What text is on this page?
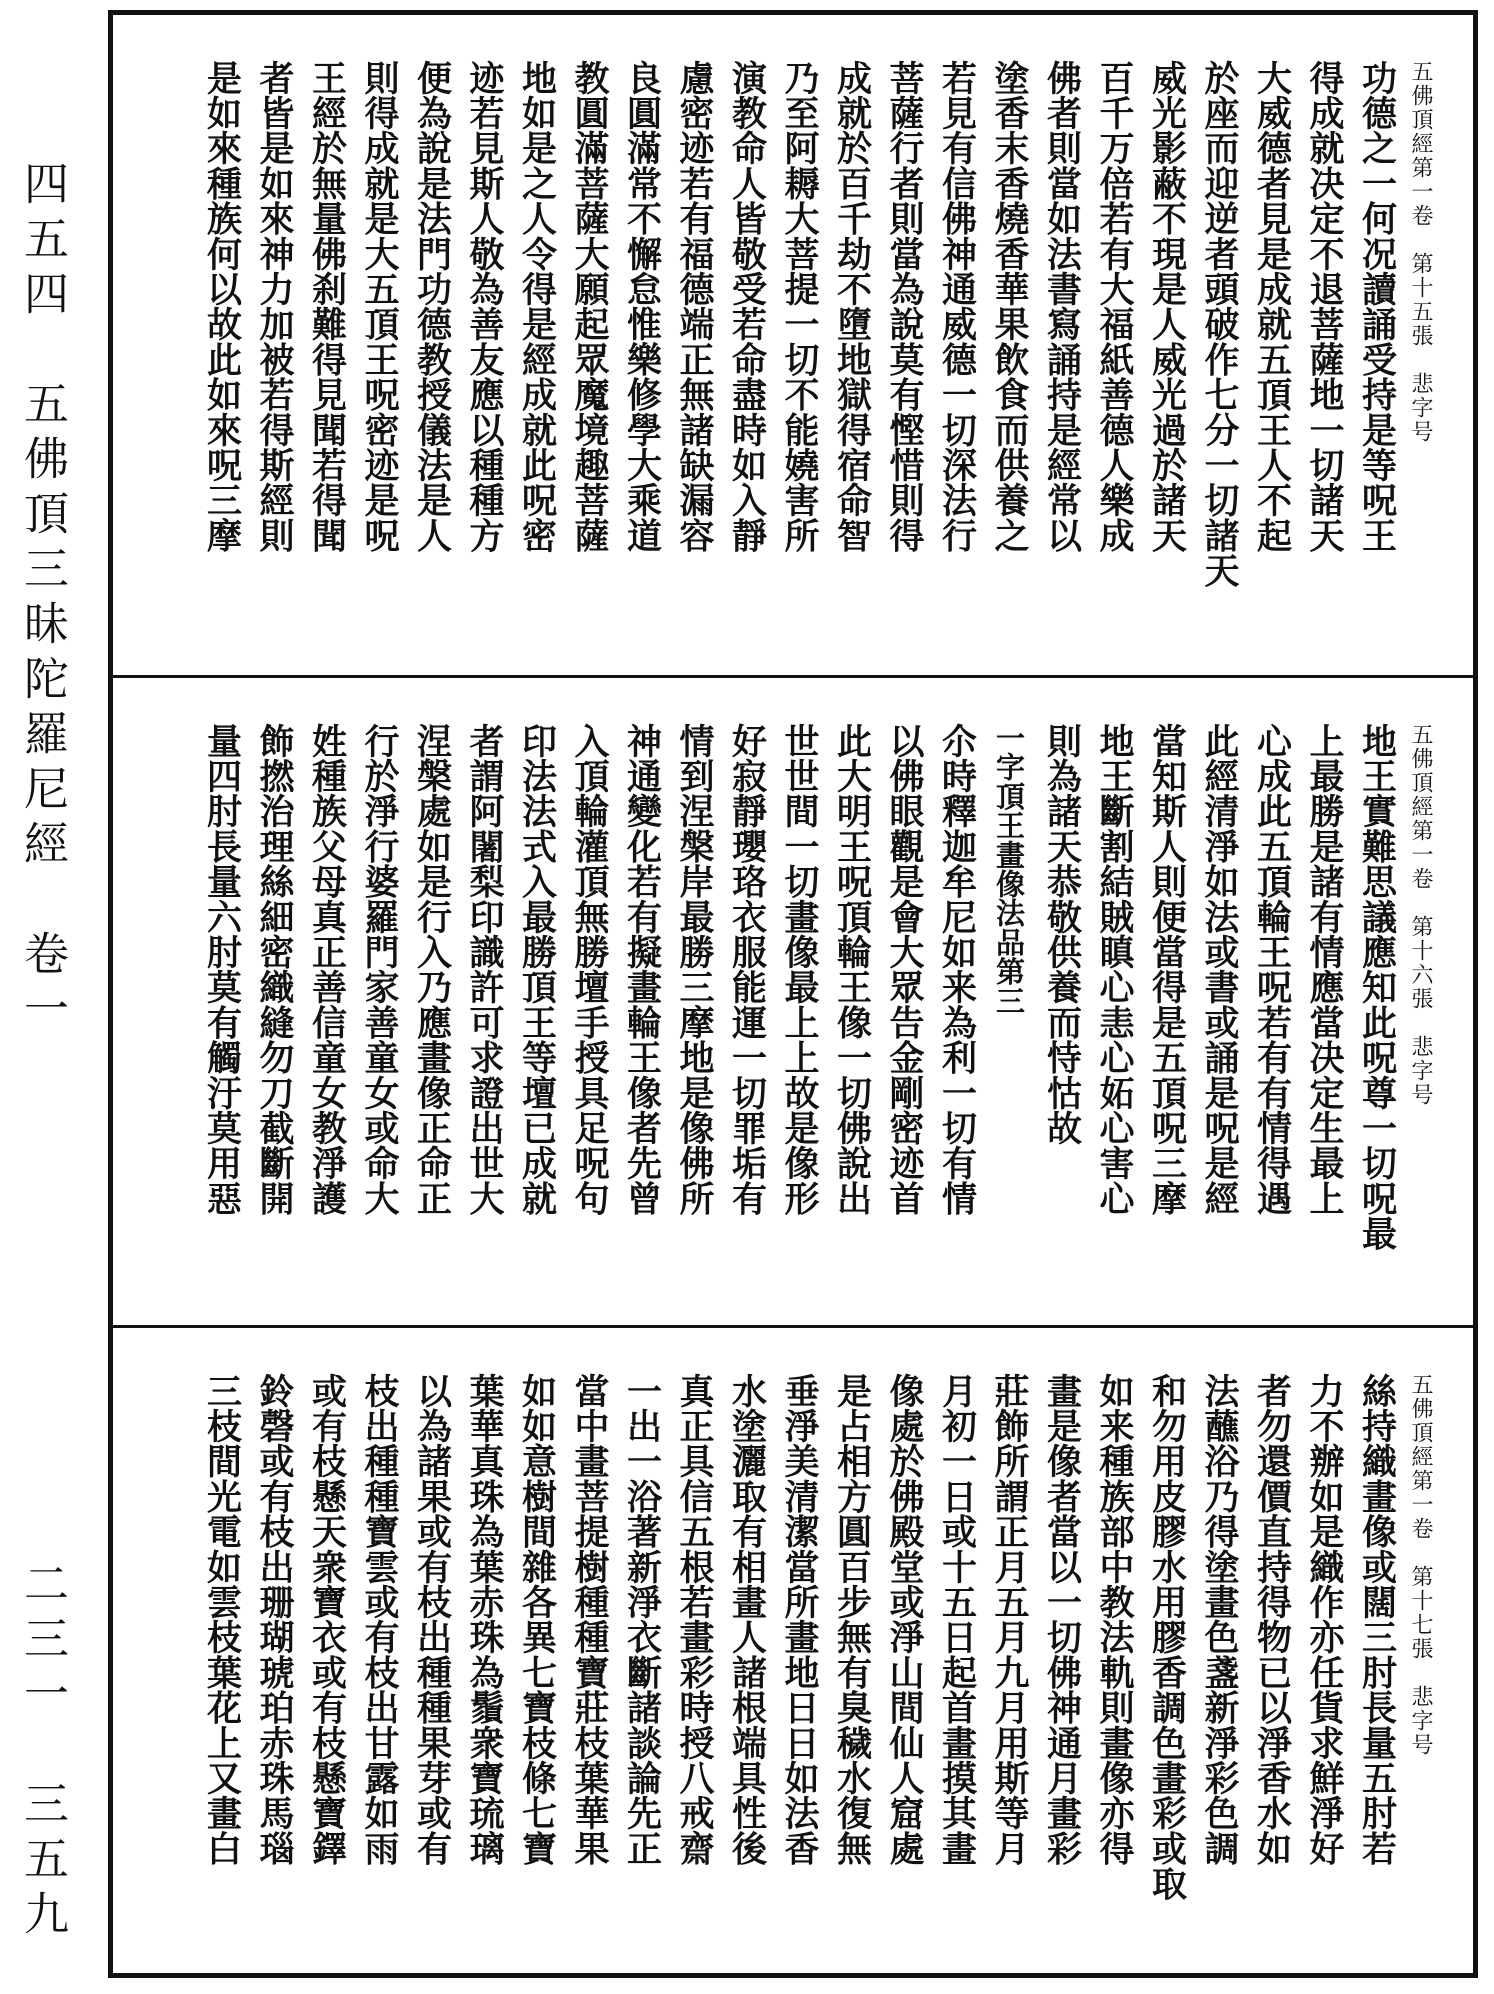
四五四　五佛頂三昧陀羅尼經　卷一
二三一　三五九
五佛頂經第一卷　第十五張　悲字号
功德之一何况讀誦受持是等呪王
得成就决定不退菩薩地一切諸天
大威德者見是成就五頂王人不起
於座而迎逆者頭破作七分一切諸天
威光影蔽不現是人威光過於諸天
百千万倍若有大福紙善德人樂成
佛者則當如法書寫誦持是經常以
塗香末香燒香華果飲食而供養之
若見有信佛神通威德一切深法行
菩薩行者則當為說莫有慳惜則得
成就於百千劫不墮地獄得宿命智
乃至阿耨大菩提一切不能嬈害所
演教命人皆敬受若命盡時如入靜
慮密迹若有福德端正無諸缺漏容
良圓滿常不懈怠惟樂修學大乘道
教圓滿菩薩大願起眾魔境趣菩薩
地如是之人令得是經成就此呪密
迹若見斯人敬為善友應以種種方
便為說是法門功德教授儀法是人
則得成就是大五頂王呪密迹是呪
王經於無量佛刹難得見聞若得聞
者皆是如來神力加被若得斯經則
是如來種族何以故此如來呪三摩
五佛頂經第一卷　第十六張　悲字号
地王實難思議應知此呪尊一切呪最
上最勝是諸有情應當决定生最上
心成此五頂輪王呪若有有情得遇
此經清淨如法或書或誦是呪是經
當知斯人則便當得是五頂呪三摩
地王斷割結賊瞋心恚心妬心害心
則為諸天恭敬供養而恃怙故
一字頂王畫像法品第三
尒時釋迦牟尼如来為利一切有情
以佛眼觀是會大眾告金剛密迹首
此大明王呪頂輪王像一切佛說出
世世間一切畫像最上上故是像形
好寂靜瓔珞衣服能運一切罪垢有
情到涅槃岸最勝三摩地是像佛所
神通變化若有擬畫輪王像者先曾
入頂輪灌頂無勝壇手授具足呪句
印法法式入最勝頂王等壇已成就
者謂阿闍梨印識許可求證出世大
涅槃處如是行入乃應畫像正命正
行於淨行婆羅門家善童女或命大
姓種族父母真正善信童女教淨護
飾撚治理絲細密織縫勿刀截斷開
量四肘長量六肘莫有觸汙莫用惡
五佛頂經第一卷　第十七張　悲字号
絲持織畫像或闊三肘長量五肘若
力不辦如是織作亦任貨求鮮淨好
者勿還價直持得物已以淨香水如
法蘸浴乃得塗畫色盞新淨彩色調
和勿用皮膠水用膠香調色畫彩或取
如来種族部中教法軌則畫像亦得
畫是像者當以一切佛神通月畫彩
莊飾所謂正月五月九月用斯等月
月初一日或十五日起首畫摸其畫
像處於佛殿堂或淨山間仙人窟處
是占相方圓百步無有臭穢水復無
垂淨美清潔當所畫地日日如法香
水塗灑取有相畫人諸根端具性後
真正具信五根若畫彩時授八戒齋
一出一浴著新淨衣斷諸談論先正
當中畫菩提樹種種寶莊枝葉華果
如如意樹間雜各異七寶枝條七寶
葉華真珠為葉赤珠為鬚衆寶琉璃
以為諸果或有枝出種種果芽或有
枝出種種寶雲或有枝出甘露如雨
或有枝懸天衆寶衣或有枝懸寶鐸
鈴磬或有枝出珊瑚琥珀赤珠馬瑙
三枝間光電如雲枝葉花上又畫白
